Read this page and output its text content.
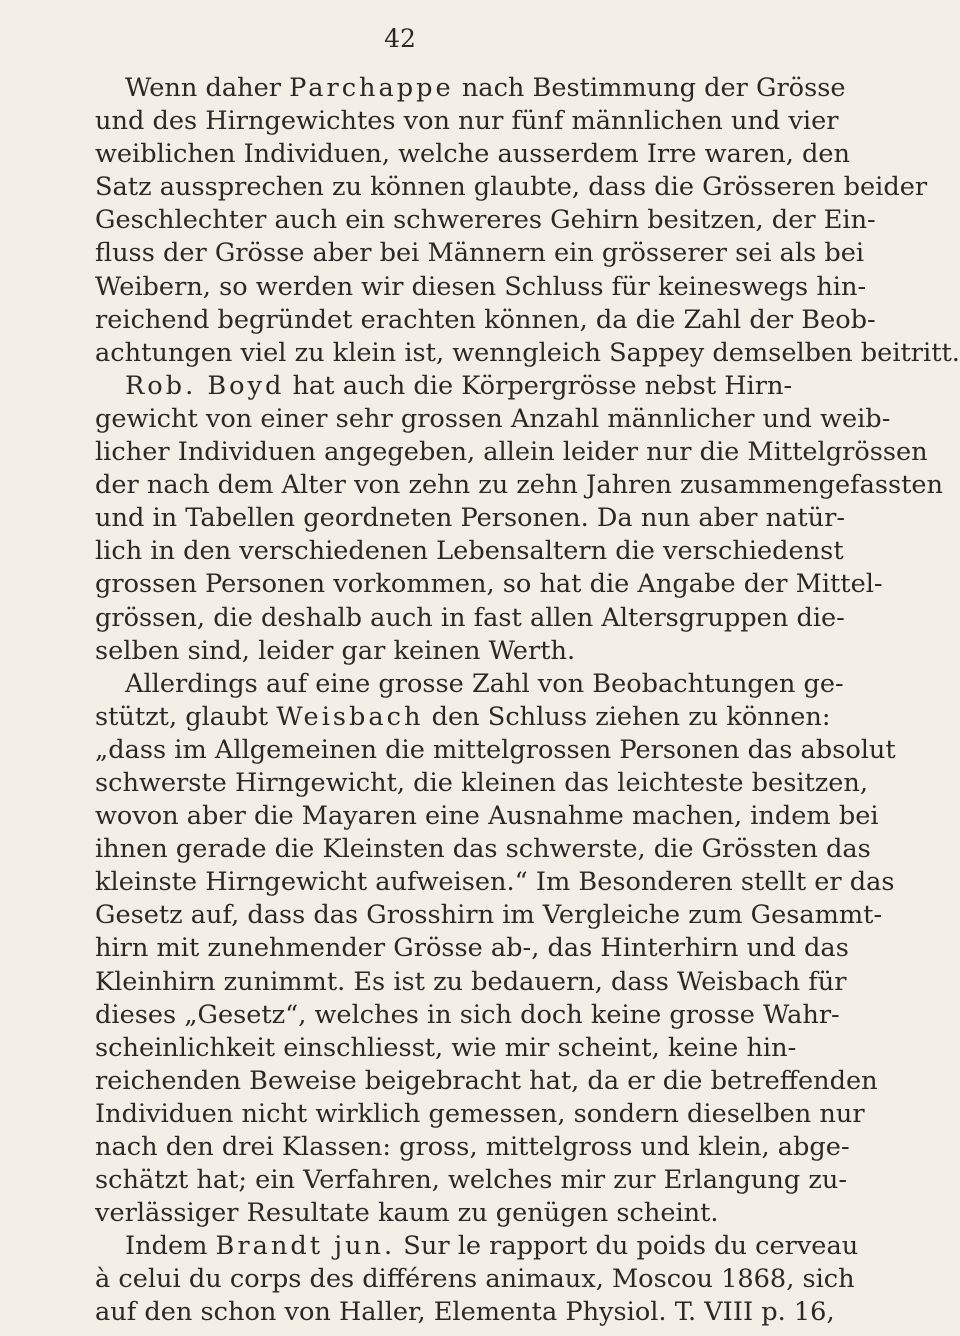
42
Wenn daher Parchappe nach Bestimmung der Grösse
und des Hirngewichtes von nur fünf männlichen und vier
weiblichen Individuen, welche ausserdem Irre waren, den
Satz aussprechen zu können glaubte, dass die Grösseren beider
Geschlechter auch ein schwereres Gehirn besitzen, der Ein-
fluss der Grösse aber bei Männern ein grösserer sei als bei
Weibern, so werden wir diesen Schluss für keineswegs hin-
reichend begründet erachten können, da die Zahl der Beob-
achtungen viel zu klein ist, wenngleich Sappey demselben beitritt.
Rob. Boyd hat auch die Körpergrösse nebst Hirn-
gewicht von einer sehr grossen Anzahl männlicher und weib-
licher Individuen angegeben, allein leider nur die Mittelgrössen
der nach dem Alter von zehn zu zehn Jahren zusammengefassten
und in Tabellen geordneten Personen. Da nun aber natür-
lich in den verschiedenen Lebensaltern die verschiedenst
grossen Personen vorkommen, so hat die Angabe der Mittel-
grössen, die deshalb auch in fast allen Altersgruppen die-
selben sind, leider gar keinen Werth.
Allerdings auf eine grosse Zahl von Beobachtungen ge-
stützt, glaubt Weisbach den Schluss ziehen zu können:
„dass im Allgemeinen die mittelgrossen Personen das absolut
schwerste Hirngewicht, die kleinen das leichteste besitzen,
wovon aber die Mayaren eine Ausnahme machen, indem bei
ihnen gerade die Kleinsten das schwerste, die Grössten das
kleinste Hirngewicht aufweisen.“ Im Besonderen stellt er das
Gesetz auf, dass das Grosshirn im Vergleiche zum Gesammt-
hirn mit zunehmender Grösse ab-, das Hinterhirn und das
Kleinhirn zunimmt. Es ist zu bedauern, dass Weisbach für
dieses „Gesetz“, welches in sich doch keine grosse Wahr-
scheinlichkeit einschliesst, wie mir scheint, keine hin-
reichenden Beweise beigebracht hat, da er die betreffenden
Individuen nicht wirklich gemessen, sondern dieselben nur
nach den drei Klassen: gross, mittelgross und klein, abge-
schätzt hat; ein Verfahren, welches mir zur Erlangung zu-
verlässiger Resultate kaum zu genügen scheint.
Indem Brandt jun. Sur le rapport du poids du cerveau
à celui du corps des différens animaux, Moscou 1868, sich
auf den schon von Haller, Elementa Physiol. T. VIII p. 16,
